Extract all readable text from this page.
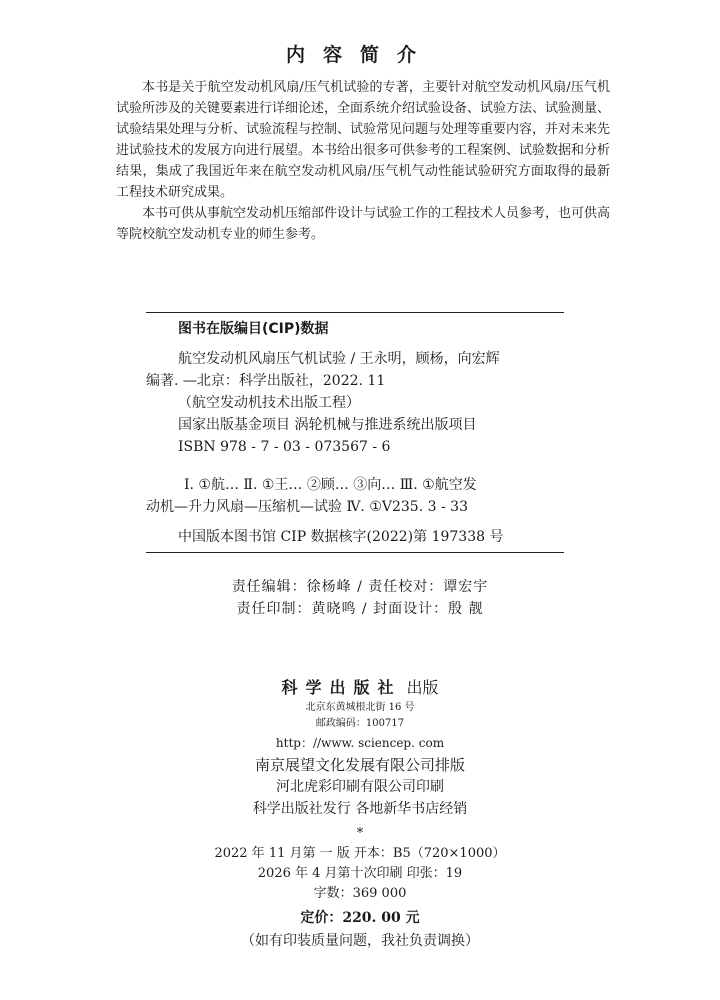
内容简介

本书是关于航空发动机风扇/压气机试验的专著，主要针对航空发动机风扇/压气机试验所涉及的关键要素进行详细论述，全面系统介绍试验设备、试验方法、试验测量、试验结果处理与分析、试验流程与控制、试验常见问题与处理等重要内容，并对未来先进试验技术的发展方向进行展望。本书给出很多可供参考的工程案例、试验数据和分析结果，集成了我国近年来在航空发动机风扇/压气机气动性能试验研究方面取得的最新工程技术研究成果。

本书可供从事航空发动机压缩部件设计与试验工作的工程技术人员参考，也可供高等院校航空发动机专业的师生参考。

图书在版编目(CIP)数据

航空发动机风扇压气机试验 / 王永明，顾杨，向宏辉

编著. —北京：科学出版社，2022. 11

（航空发动机技术出版工程）

国家出版基金项目 涡轮机械与推进系统出版项目

ISBN 978 - 7 - 03 - 073567 - 6

Ⅰ. ①航… Ⅱ. ①王… ②顾… ③向… Ⅲ. ①航空发

动机—升力风扇—压缩机—试验 Ⅳ. ①V235. 3 - 33

中国版本图书馆 CIP 数据核字(2022)第 197338 号

责任编辑：徐杨峰 / 责任校对：谭宏宇
责任印制：黄晓鸣 / 封面设计：殷 靓
科学出版社 出版
北京东黄城根北街 16 号
邮政编码：100717
http：//www. sciencep. com
南京展望文化发展有限公司排版
河北虎彩印刷有限公司印刷
科学出版社发行 各地新华书店经销
*
2022 年 11 月第 一 版 开本：B5（720×1000）
2026 年 4 月第十次印刷 印张：19
字数：369 000
定价：220. 00 元
（如有印装质量问题，我社负责调换）
